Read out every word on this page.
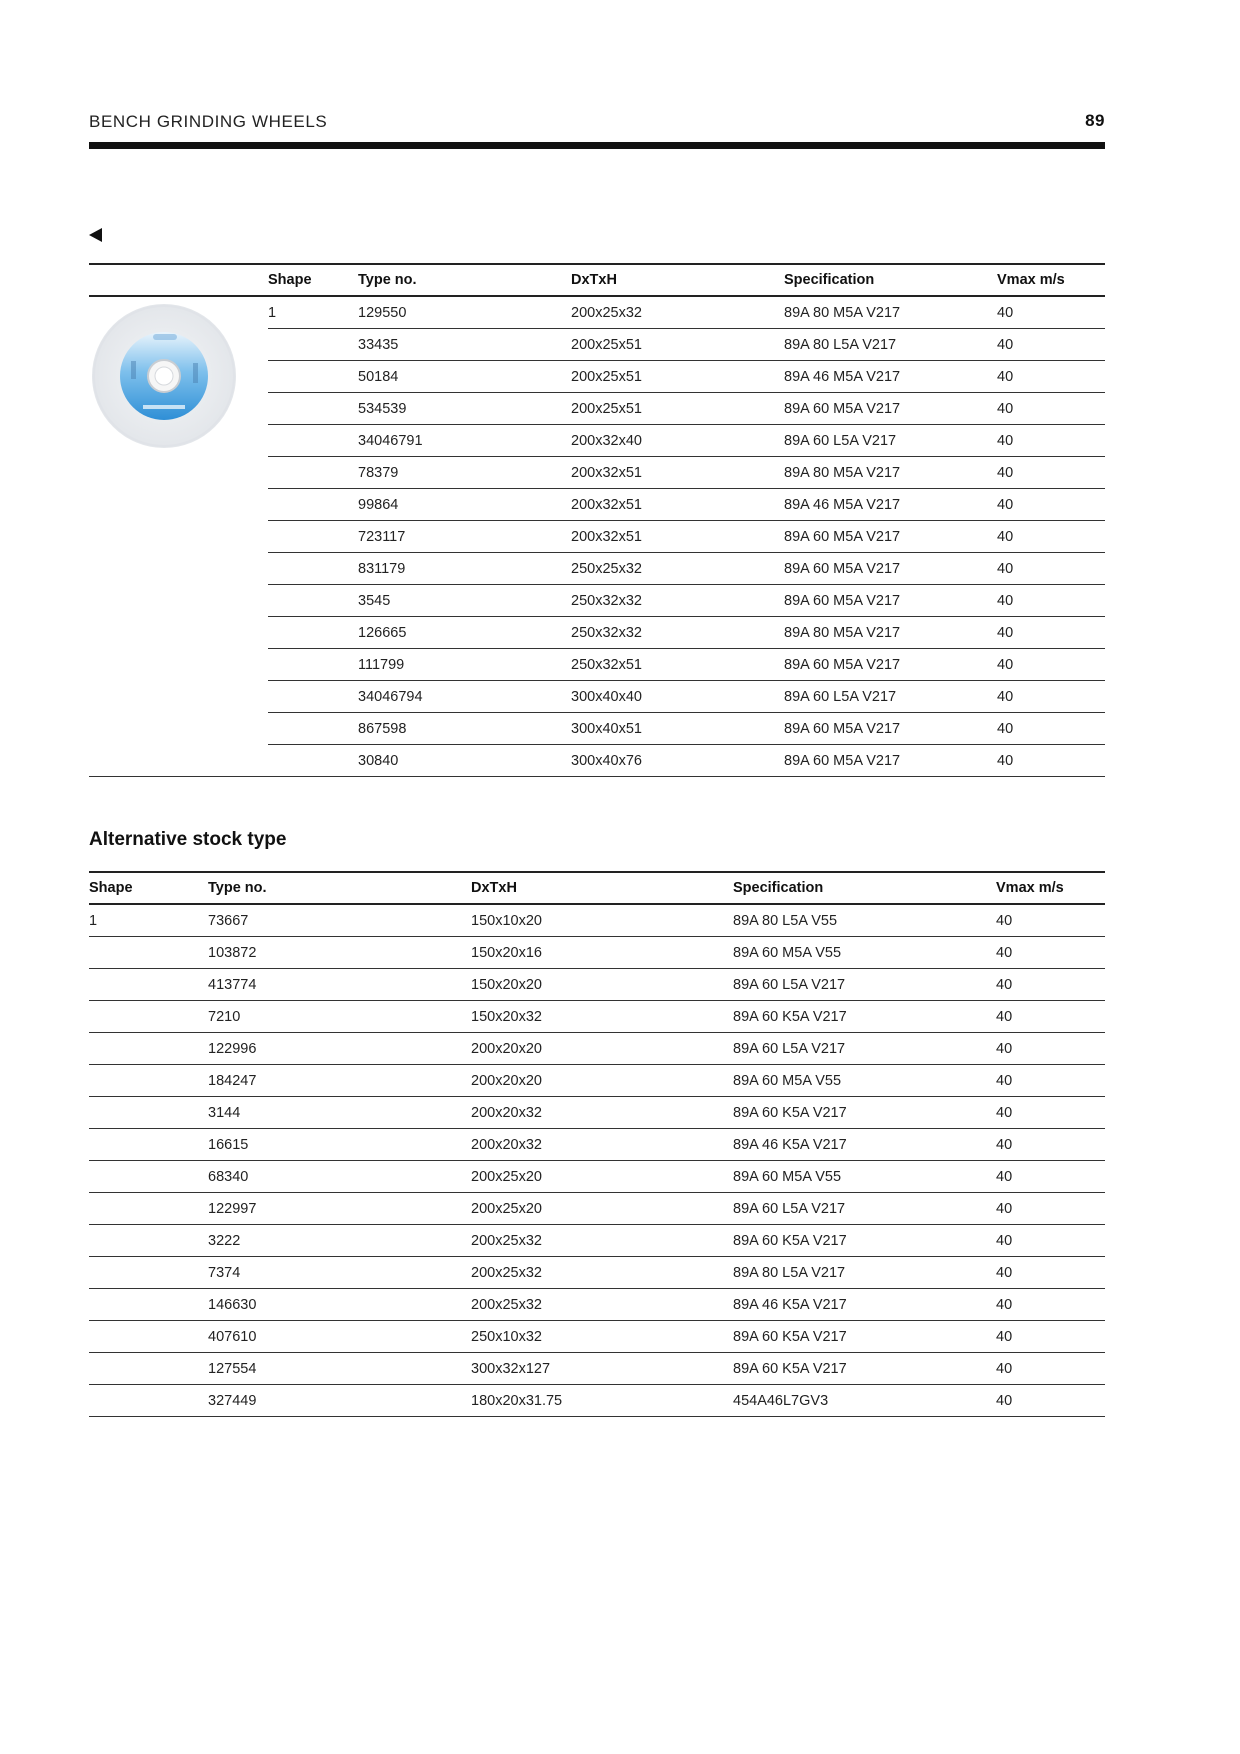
BENCH GRINDING WHEELS	89
Shape	Type no.	DxTxH	Specification	Vmax m/s
1	129550	200x25x32	89A 80 M5A V217	40
	33435	200x25x51	89A 80 L5A V217	40
	50184	200x25x51	89A 46 M5A V217	40
	534539	200x25x51	89A 60 M5A V217	40
	34046791	200x32x40	89A 60 L5A V217	40
	78379	200x32x51	89A 80 M5A V217	40
	99864	200x32x51	89A 46 M5A V217	40
	723117	200x32x51	89A 60 M5A V217	40
	831179	250x25x32	89A 60 M5A V217	40
	3545	250x32x32	89A 60 M5A V217	40
	126665	250x32x32	89A 80 M5A V217	40
	111799	250x32x51	89A 60 M5A V217	40
	34046794	300x40x40	89A 60 L5A V217	40
	867598	300x40x51	89A 60 M5A V217	40
	30840	300x40x76	89A 60 M5A V217	40
Alternative stock type
Shape	Type no.	DxTxH	Specification	Vmax m/s
1	73667	150x10x20	89A 80 L5A V55	40
	103872	150x20x16	89A 60 M5A V55	40
	413774	150x20x20	89A 60 L5A V217	40
	7210	150x20x32	89A 60 K5A V217	40
	122996	200x20x20	89A 60 L5A V217	40
	184247	200x20x20	89A 60 M5A V55	40
	3144	200x20x32	89A 60 K5A V217	40
	16615	200x20x32	89A 46 K5A V217	40
	68340	200x25x20	89A 60 M5A V55	40
	122997	200x25x20	89A 60 L5A V217	40
	3222	200x25x32	89A 60 K5A V217	40
	7374	200x25x32	89A 80 L5A V217	40
	146630	200x25x32	89A 46 K5A V217	40
	407610	250x10x32	89A 60 K5A V217	40
	127554	300x32x127	89A 60 K5A V217	40
	327449	180x20x31.75	454A46L7GV3	40
